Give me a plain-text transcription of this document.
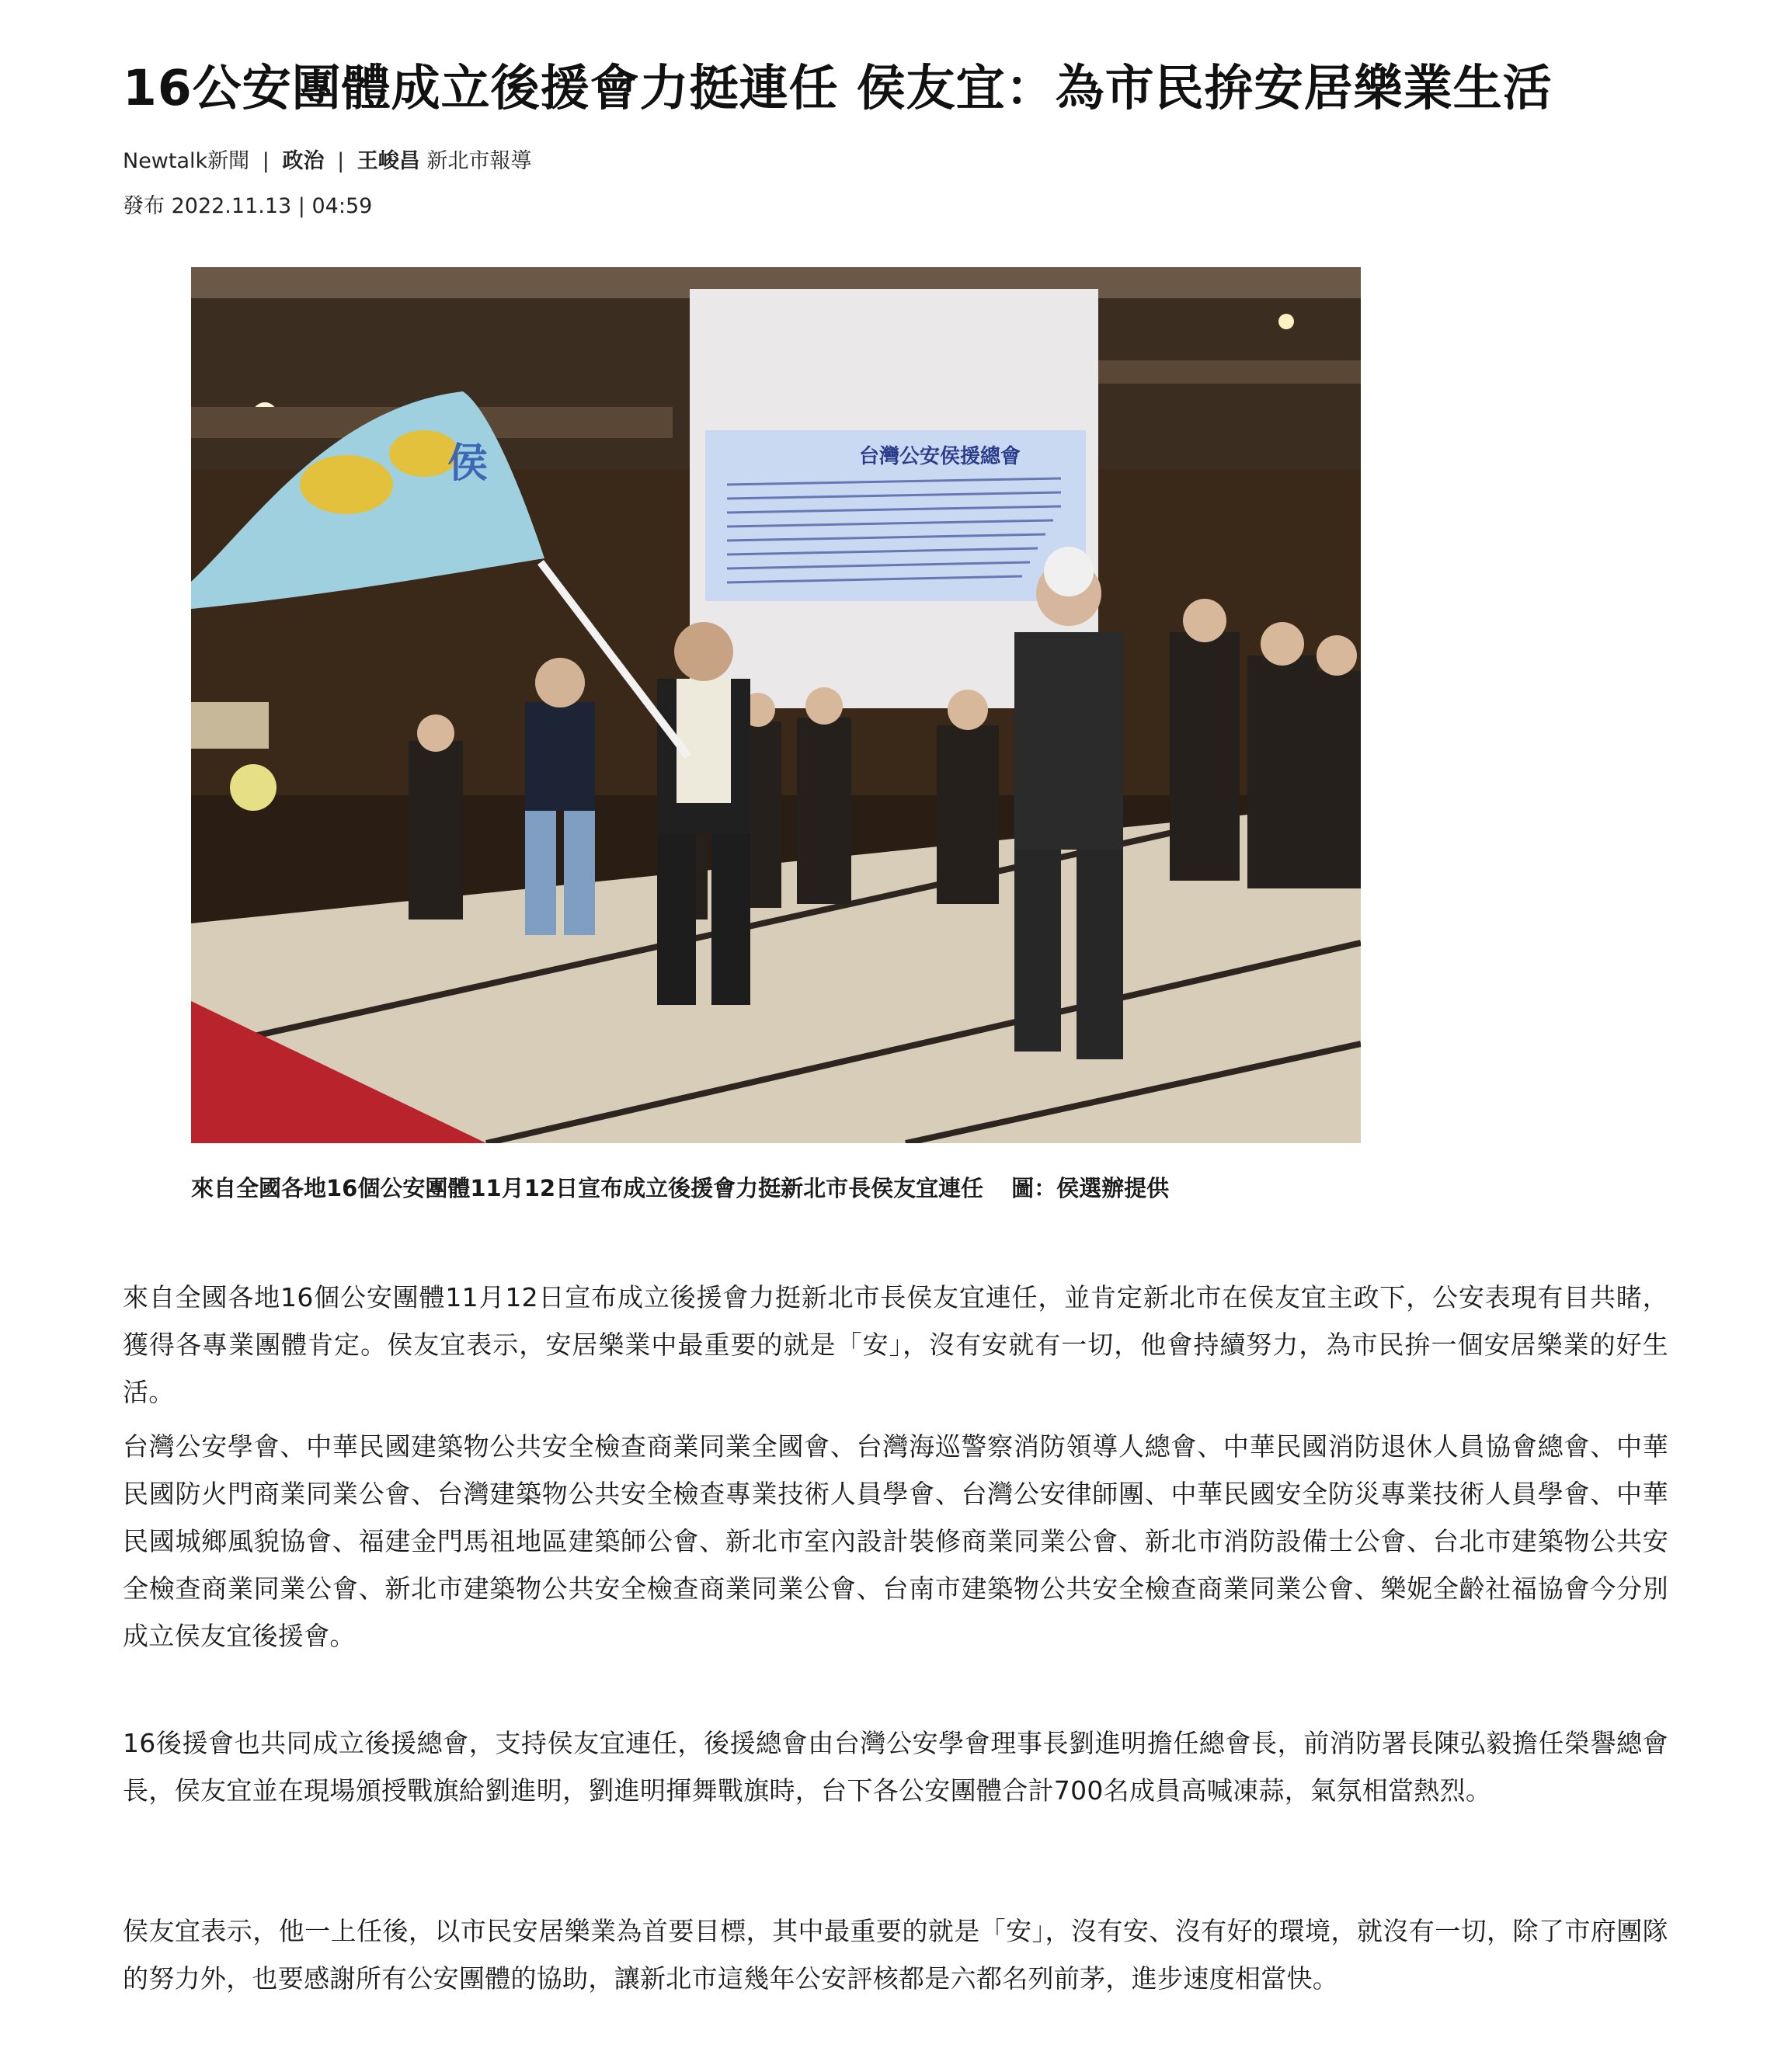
16公安團體成立後援會力挺連任 侯友宜：為市民拚安居樂業生活
Newtalk新聞 | 政治 | 王峻昌 新北市報導
發布 2022.11.13 | 04:59

來自全國各地16個公安團體11月12日宣布成立後援會力挺新北市長侯友宜連任，並肯定新北市在侯友宜主政下，公安表現有目共睹，獲得各專業團體肯定。侯友宜表示，安居樂業中最重要的就是「安」，沒有安就有一切，他會持續努力，為市民拚一個安居樂業的好生活。

台灣公安學會、中華民國建築物公共安全檢查商業同業全國會、台灣海巡警察消防領導人總會、中華民國消防退休人員協會總會、中華民國防火門商業同業公會、台灣建築物公共安全檢查專業技術人員學會、台灣公安律師團、中華民國安全防災專業技術人員學會、中華民國城鄉風貌協會、福建金門馬祖地區建築師公會、新北市室內設計裝修商業同業公會、新北市消防設備士公會、台北市建築物公共安全檢查商業同業公會、新北市建築物公共安全檢查商業同業公會、台南市建築物公共安全檢查商業同業公會、樂妮全齡社福協會今分別成立侯友宜後援會。

16後援會也共同成立後援總會，支持侯友宜連任，後援總會由台灣公安學會理事長劉進明擔任總會長，前消防署長陳弘毅擔任榮譽總會長，侯友宜並在現場頒授戰旗給劉進明，劉進明揮舞戰旗時，台下各公安團體合計700名成員高喊凍蒜，氣氛相當熱烈。

侯友宜表示，他一上任後，以市民安居樂業為首要目標，其中最重要的就是「安」，沒有安、沒有好的環境，就沒有一切，除了市府團隊的努力外，也要感謝所有公安團體的協助，讓新北市這幾年公安評核都是六都名列前茅，進步速度相當快。

台灣公安侯援總會
侯
來自全國各地16個公安團體11月12日宣布成立後援會力挺新北市長侯友宜連任 圖：侯選辦提供
